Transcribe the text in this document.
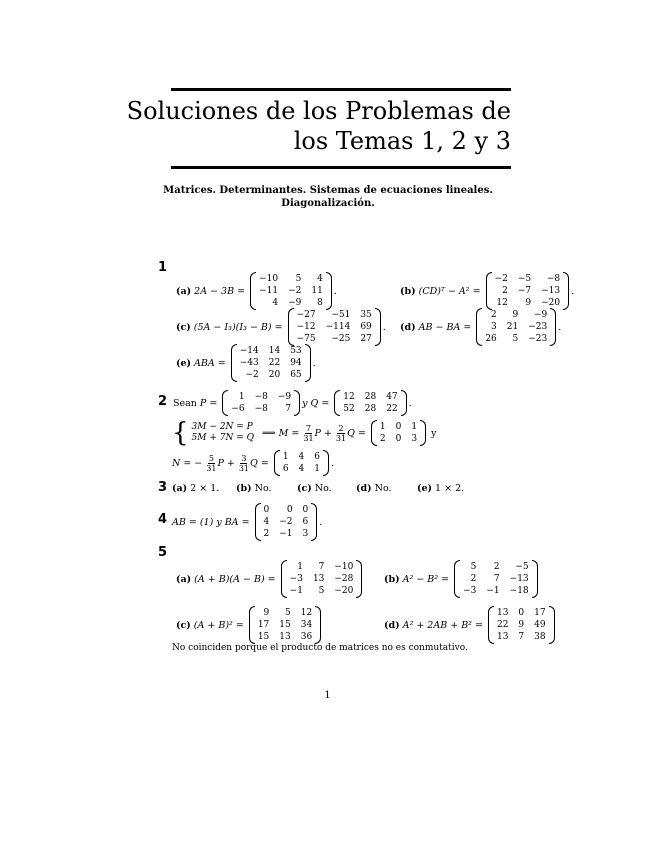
Soluciones de los Problemas de
los Temas 1, 2 y 3
Matrices. Determinantes. Sistemas de ecuaciones lineales.
Diagonalización.
1
(a) 2A − 3B =
−10	5	4
−11 −2 11
4 −9	8
.	(b) (CD)ᵀ − A² =
−2 −5	−8
2 −7 −13
12	9 −20
.
(c) (5A − I₃)(I₃ − B) =
−27	−51 35
−12 −114 69
−75	−25 27
. (d) AB − BA =
2	9	−9
3 21 −23
26	5 −23
.
(e) ABA =
−14 14 53
−43 22 94
−2 20 65
.
2 Sean P =
1 −8 −9
−6 −8	7
y Q =
12 28 47
52 28 22
.
{ 3M − 2N = P
5M + 7N = Q ⟹ $M = \frac{7}{31}$ $P + \frac{2}{31}$ Q =
1 0 1
2 0 3
y
N = − $\frac{5}{31}$ $P + \frac{3}{31}$ Q =
1 4 6
6 4 1
.
3 (a) 2 × 1. (b) No.	(c) No.	(d) No.	(e) 1 × 2.
4 AB = (1) y BA =
0	0 0
4 −2 6
2 −1 3
.
5
(a) (A + B)(A − B) =
1	7 −10
−3 13 −28
−1	5 −20
(b) A² − B² =
5	2	−5
2	7 −13
−3 −1 −18
(c) (A + B)² =
9	5 12
17 15 34
15 13 36
(d) A² + 2AB + B² =
13 0 17
22 9 49
13 7 38
No coinciden porque el producto de matrices no es conmutativo.
1
